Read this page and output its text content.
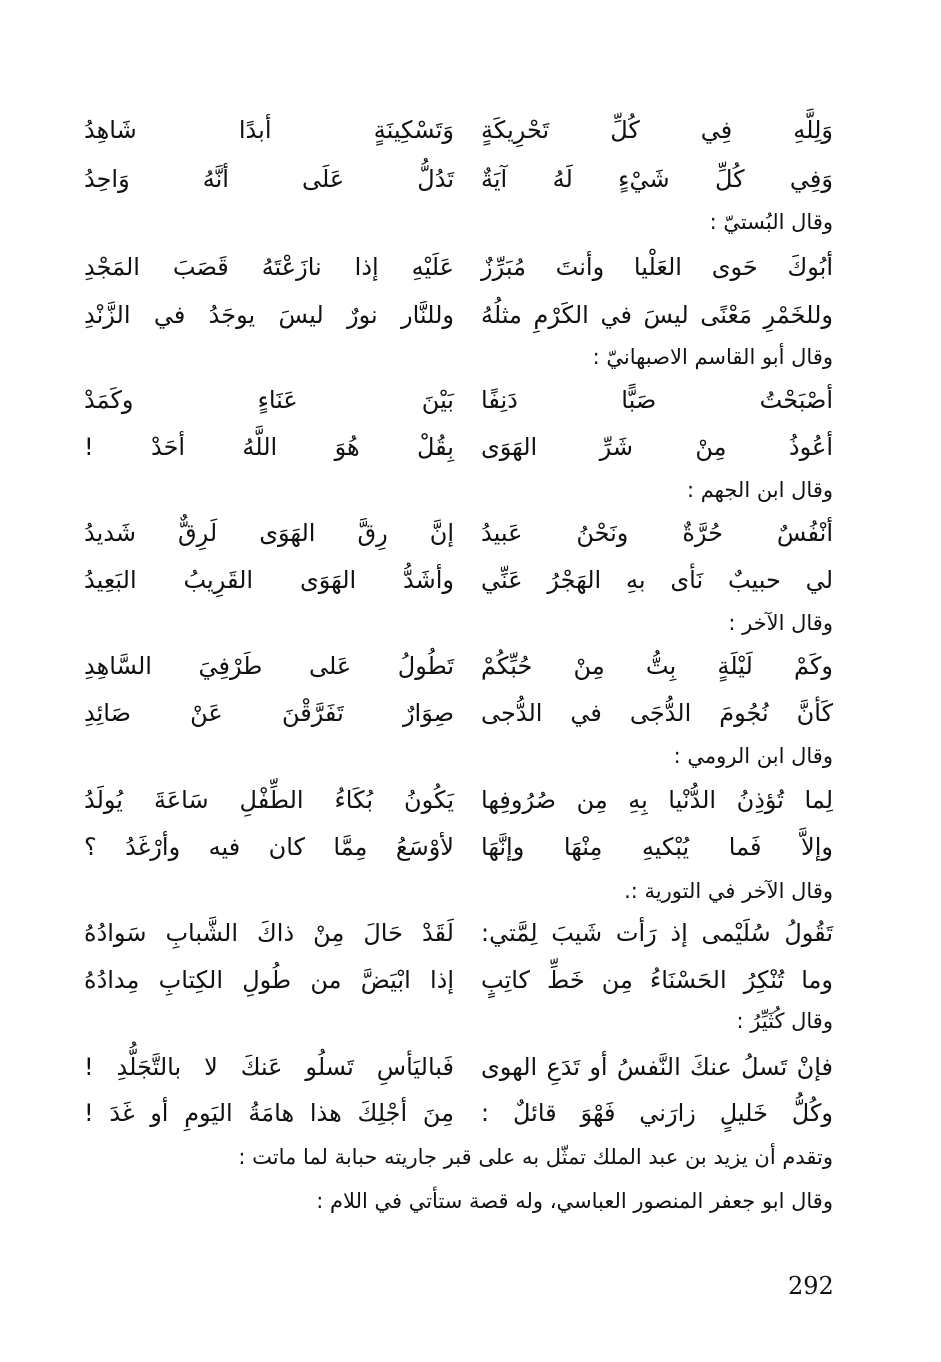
وَلِلَّهِ فِي كُلِّ تَحْرِيكَةٍ
وَتَسْكِينَةٍ أبدًا شَاهِدُ
وَفِي كُلِّ شَيْءٍ لَهُ آيَةٌ
تَدُلُّ عَلَى أنَّهُ وَاحِدُ
وقال البُستيّ :
أبُوكَ حَوى العَلْيا وأنتَ مُبَرِّزٌ
عَلَيْهِ إذا نازَعْتَهُ قَصَبَ المَجْدِ
وللخَمْرِ مَعْنًى ليسَ في الكَرْمِ مثلُهُ
وللنَّار نورٌ ليسَ يوجَدُ في الزَّنْدِ
وقال أبو القاسم الاصبهانيّ :
أصْبَحْتُ صَبًّا دَنِفًا
بَيْنَ عَنَاءٍ وكَمَدْ
أعُوذُ مِنْ شَرِّ الهَوَى
بِقُلْ هُوَ اللَّهُ أحَدْ !
وقال ابن الجهم :
أنْفُسٌ حُرَّةٌ ونَحْنُ عَبيدُ
إنَّ رِقَّ الهَوَى لَرِقٌّ شَديدُ
لي حبيبٌ نَأى بهِ الهَجْرُ عَنِّي
وأشَدُّ الهَوَى القَرِيبُ البَعِيدُ
وقال الآخر :
وكَمْ لَيْلَةٍ بِتُّ مِنْ حُبِّكُمْ
تَطُولُ عَلى طَرْفِيَ السَّاهِدِ
كَأنَّ نُجُومَ الدُّجَى في الدُّجى
صِوَارٌ تَفَرَّقْنَ عَنْ صَائِدِ
وقال ابن الرومي :
لِما تُؤذِنُ الدُّنْيا بِهِ مِن صُرُوفِها
يَكُونُ بُكَاءُ الطِّفْلِ سَاعَةَ يُولَدُ
وإلاَّ فَما يُبْكيهِ مِنْهَا وإنَّهَا
لأوْسَعُ مِمَّا كان فيه وأرْغَدُ ؟
وقال الآخر في التورية :.
تَقُولُ سُلَيْمى إذ رَأت شَيبَ لِمَّتي:
لَقَدْ حَالَ مِنْ ذاكَ الشَّبابِ سَوادُهُ
وما تُنْكِرُ الحَسْنَاءُ مِن خَطِّ كاتِبٍ
إذا ابْيَضَّ من طُولِ الكِتابِ مِدادُهُ
وقال كُثَيِّرُ :
فإنْ تَسلُ عنكَ النَّفسُ أو تَدَعِ الهوى
فَباليَأسِ تَسلُو عَنكَ لا بالتَّجَلُّدِ !
وكُلُّ خَليلٍ زارَني فَهْوَ قائلٌ :
مِنَ أجْلِكَ هذا هامَةُ اليَومِ أو غَدَ !
وتقدم أن يزيد بن عبد الملك تمثّل به على قبر جاريته حبابة لما ماتت :
وقال ابو جعفر المنصور العباسي، وله قصة ستأتي في اللام :
292
